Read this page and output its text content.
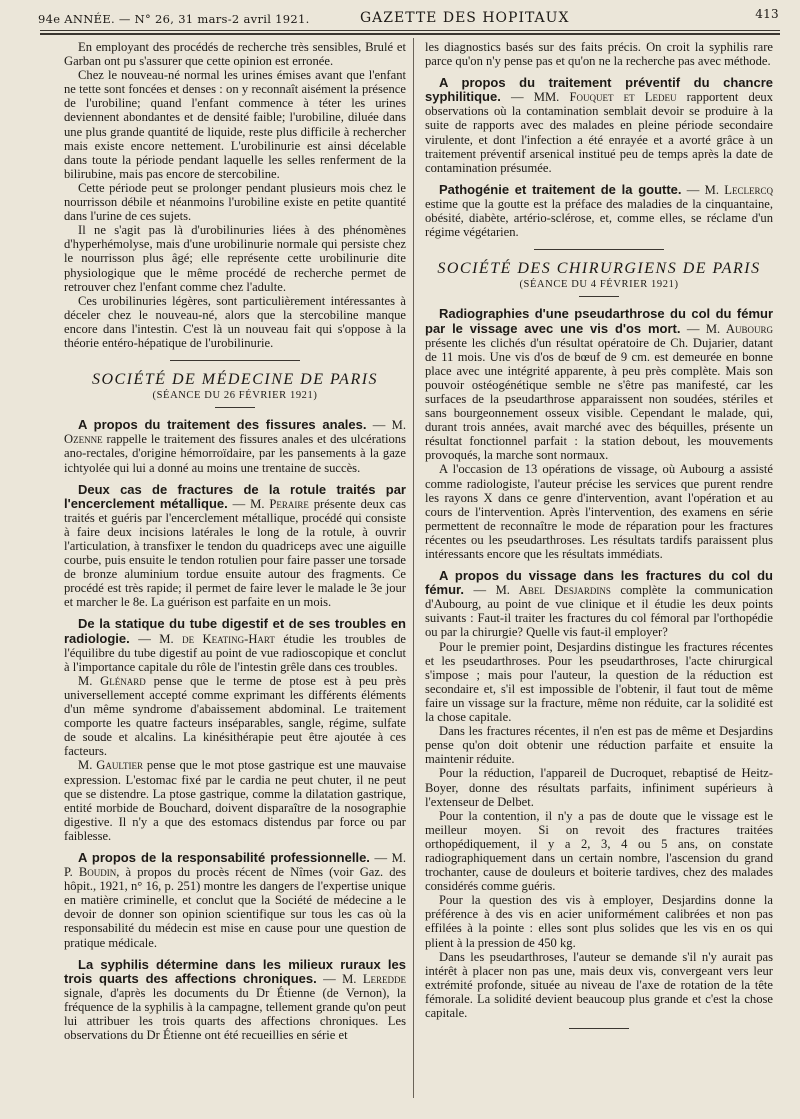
94e ANNÉE. — N° 26, 31 mars-2 avril 1921.	GAZETTE DES HOPITAUX	413

En employant des procédés de recherche très sensibles, Brulé et Garban ont pu s'assurer que cette opinion est erronée.

Chez le nouveau-né normal les urines émises avant que l'enfant ne tette sont foncées et denses : on y reconnaît aisément la présence de l'urobiline; quand l'enfant commence à téter les urines deviennent abondantes et de densité faible; l'urobiline, diluée dans une plus grande quantité de liquide, reste plus difficile à rechercher mais existe encore nettement. L'urobilinurie est ainsi décelable dans toute la période pendant laquelle les selles renferment de la bilirubine, mais pas encore de stercobiline.

Cette période peut se prolonger pendant plusieurs mois chez le nourrisson débile et néanmoins l'urobiline existe en petite quantité dans l'urine de ces sujets.

Il ne s'agit pas là d'urobilinuries liées à des phénomènes d'hyperhémolyse, mais d'une urobilinurie normale qui persiste chez le nourrisson plus âgé; elle représente cette urobilinurie dite physiologique que le même procédé de recherche permet de retrouver chez l'enfant comme chez l'adulte.

Ces urobilinuries légères, sont particulièrement intéressantes à déceler chez le nouveau-né, alors que la stercobiline manque encore dans l'intestin. C'est là un nouveau fait qui s'oppose à la théorie entéro-hépatique de l'urobilinurie.

SOCIÉTÉ DE MÉDECINE DE PARIS
(SÉANCE DU 26 FÉVRIER 1921)

A propos du traitement des fissures anales. — M. Ozenne rappelle le traitement des fissures anales et des ulcérations ano-rectales, d'origine hémorroïdaire, par les pansements à la gaze ichtyolée qui lui a donné au moins une trentaine de succès.

Deux cas de fractures de la rotule traités par l'encerclement métallique. — M. Peraire présente deux cas traités et guéris par l'encerclement métallique, procédé qui consiste à faire deux incisions latérales le long de la rotule, à ouvrir l'articulation, à transfixer le tendon du quadriceps avec une aiguille courbe, puis ensuite le tendon rotulien pour faire passer une torsade de bronze aluminium tordue ensuite autour des fragments. Ce procédé est très rapide; il permet de faire lever le malade le 3e jour et marcher le 8e. La guérison est parfaite en un mois.

De la statique du tube digestif et de ses troubles en radiologie. — M. de Keating-Hart étudie les troubles de l'équilibre du tube digestif au point de vue radioscopique et conclut à l'importance capitale du rôle de l'intestin grêle dans ces troubles.

M. Glénard pense que le terme de ptose est à peu près universellement accepté comme exprimant les différents éléments d'un même syndrome d'abaissement abdominal. Le traitement comporte les quatre facteurs inséparables, sangle, régime, sulfate de soude et alcalins. La kinésithérapie peut être ajoutée à ces facteurs.

M. Gaultier pense que le mot ptose gastrique est une mauvaise expression. L'estomac fixé par le cardia ne peut chuter, il ne peut que se distendre. La ptose gastrique, comme la dilatation gastrique, entité morbide de Bouchard, doivent disparaître de la nosographie digestive. Il n'y a que des estomacs distendus par force ou par faiblesse.

A propos de la responsabilité professionnelle. — M. P. Boudin, à propos du procès récent de Nîmes (voir Gaz. des hôpit., 1921, n° 16, p. 251) montre les dangers de l'expertise unique en matière criminelle, et conclut que la Société de médecine a le devoir de donner son opinion scientifique sur tous les cas où la responsabilité du médecin est mise en cause pour une question de pratique médicale.

La syphilis détermine dans les milieux ruraux les trois quarts des affections chroniques. — M. Leredde signale, d'après les documents du Dr Étienne (de Vernon), la fréquence de la syphilis à la campagne, tellement grande qu'on peut lui attribuer les trois quarts des affections chroniques. Les observations du Dr Étienne ont été recueillies en série et

les diagnostics basés sur des faits précis. On croit la syphilis rare parce qu'on n'y pense pas et qu'on ne la recherche pas avec méthode.

A propos du traitement préventif du chancre syphilitique. — MM. Fouquet et Ledeu rapportent deux observations où la contamination semblait devoir se produire à la suite de rapports avec des malades en pleine période secondaire virulente, et dont l'infection a été enrayée et a avorté grâce à un traitement préventif arsenical institué peu de temps après la date de contamination présumée.

Pathogénie et traitement de la goutte. — M. Leclercq estime que la goutte est la préface des maladies de la cinquantaine, obésité, diabète, artério-sclérose, et, comme elles, se réclame d'un régime végétarien.

SOCIÉTÉ DES CHIRURGIENS DE PARIS
(SÉANCE DU 4 FÉVRIER 1921)

Radiographies d'une pseudarthrose du col du fémur par le vissage avec une vis d'os mort. — M. Aubourg présente les clichés d'un résultat opératoire de Ch. Dujarier, datant de 11 mois. Une vis d'os de bœuf de 9 cm. est demeurée en bonne place avec une intégrité apparente, à peu près complète. Mais son pouvoir ostéogénétique semble ne s'être pas manifesté, car les surfaces de la pseudarthrose apparaissent non soudées, stériles et sans bourgeonnement osseux visible. Cependant le malade, qui, durant trois années, avait marché avec des béquilles, présente un résultat fonctionnel parfait : la station debout, les mouvements provoqués, la marche sont normaux.

A l'occasion de 13 opérations de vissage, où Aubourg a assisté comme radiologiste, l'auteur précise les services que purent rendre les rayons X dans ce genre d'intervention, avant l'opération et au cours de l'intervention. Après l'intervention, des examens en série permettent de reconnaître le mode de réparation pour les fractures récentes ou les pseudarthroses. Les résultats tardifs paraissent plus intéressants encore que les résultats immédiats.

A propos du vissage dans les fractures du col du fémur. — M. Abel Desjardins complète la communication d'Aubourg, au point de vue clinique et il étudie les deux points suivants : Faut-il traiter les fractures du col fémoral par l'orthopédie ou par la chirurgie? Quelle vis faut-il employer?

Pour le premier point, Desjardins distingue les fractures récentes et les pseudarthroses. Pour les pseudarthroses, l'acte chirurgical s'impose ; mais pour l'auteur, la question de la réduction est secondaire et, s'il est impossible de l'obtenir, il faut tout de même faire un vissage sur la fracture, même non réduite, car la solidité est la chose capitale.

Dans les fractures récentes, il n'en est pas de même et Desjardins pense qu'on doit obtenir une réduction parfaite et ensuite la maintenir réduite.

Pour la réduction, l'appareil de Ducroquet, rebaptisé de Heitz-Boyer, donne des résultats parfaits, infiniment supérieurs à l'extenseur de Delbet.

Pour la contention, il n'y a pas de doute que le vissage est le meilleur moyen. Si on revoit des fractures traitées orthopédiquement, il y a 2, 3, 4 ou 5 ans, on constate radiographiquement dans un certain nombre, l'ascension du grand trochanter, cause de douleurs et boiterie tardives, chez des malades considérés comme guéris.

Pour la question des vis à employer, Desjardins donne la préférence à des vis en acier uniformément calibrées et non pas effilées à la pointe : elles sont plus solides que les vis en os qui plient à la pression de 450 kg.

Dans les pseudarthroses, l'auteur se demande s'il n'y aurait pas intérêt à placer non pas une, mais deux vis, convergeant vers leur extrémité profonde, située au niveau de l'axe de rotation de la tête fémorale. La solidité devient beaucoup plus grande et c'est la chose capitale.
